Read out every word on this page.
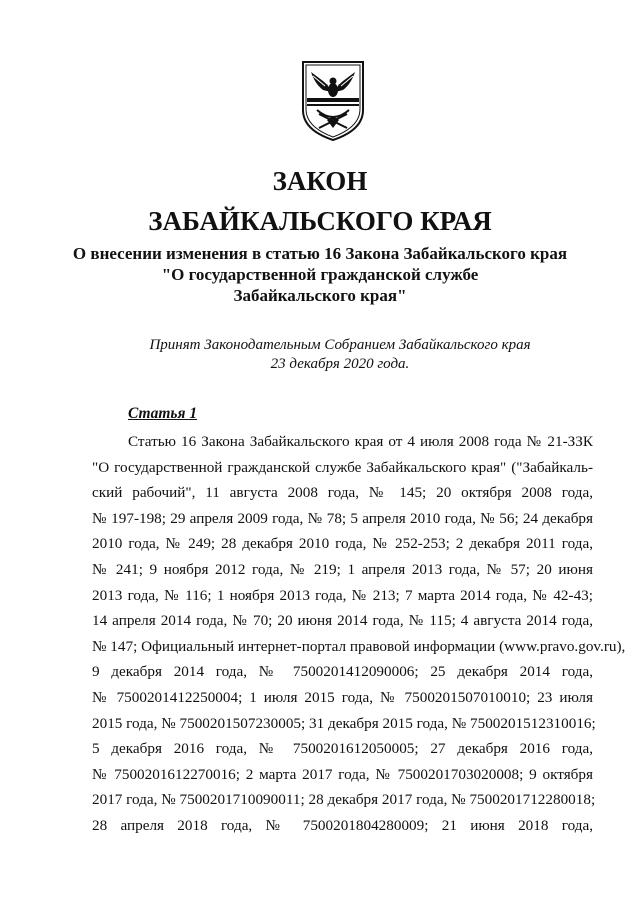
ЗАКОН
ЗАБАЙКАЛЬСКОГО КРАЯ
О внесении изменения в статью 16 Закона Забайкальского края
"О государственной гражданской службе
Забайкальского края"
Принят Законодательным Собранием Забайкальского края
23 декабря 2020 года.
Статья 1
Статью 16 Закона Забайкальского края от 4 июля 2008 года № 21-ЗЗК
"О государственной гражданской службе Забайкальского края" ("Забайкаль-
ский рабочий", 11 августа 2008 года, № 145; 20 октября 2008 года,
№ 197-198; 29 апреля 2009 года, № 78; 5 апреля 2010 года, № 56; 24 декабря
2010 года, № 249; 28 декабря 2010 года, № 252-253; 2 декабря 2011 года,
№ 241; 9 ноября 2012 года, № 219; 1 апреля 2013 года, № 57; 20 июня
2013 года, № 116; 1 ноября 2013 года, № 213; 7 марта 2014 года, № 42-43;
14 апреля 2014 года, № 70; 20 июня 2014 года, № 115; 4 августа 2014 года,
№ 147; Официальный интернет-портал правовой информации (www.pravo.gov.ru),
9 декабря 2014 года, № 7500201412090006; 25 декабря 2014 года,
№ 7500201412250004; 1 июля 2015 года, № 7500201507010010; 23 июля
2015 года, № 7500201507230005; 31 декабря 2015 года, № 7500201512310016;
5 декабря 2016 года, № 7500201612050005; 27 декабря 2016 года,
№ 7500201612270016; 2 марта 2017 года, № 7500201703020008; 9 октября
2017 года, № 7500201710090011; 28 декабря 2017 года, № 7500201712280018;
28 апреля 2018 года, № 7500201804280009; 21 июня 2018 года,
